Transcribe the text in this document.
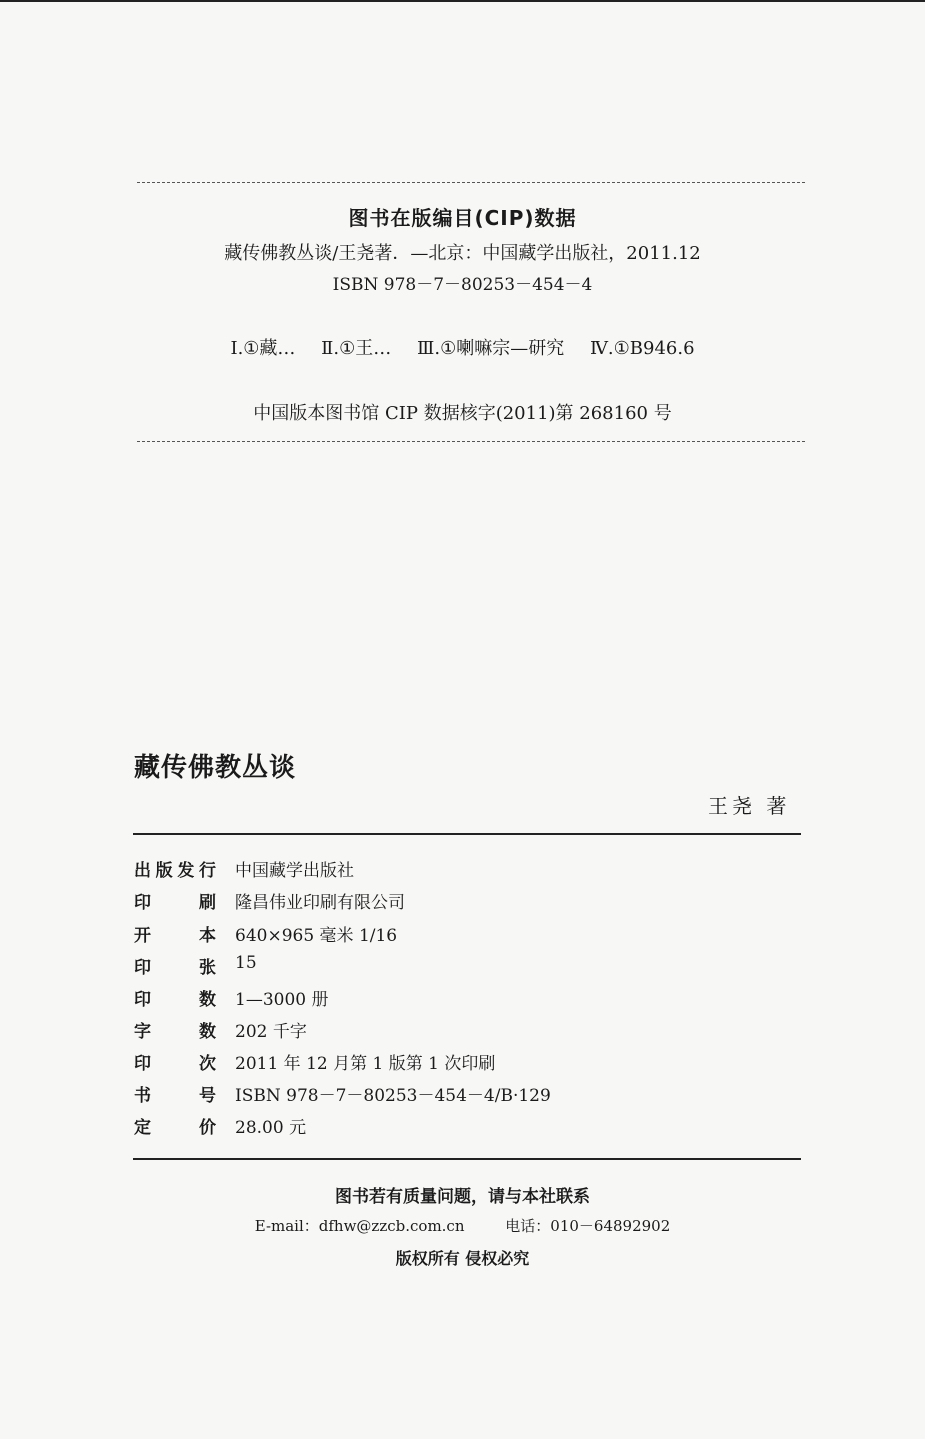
图书在版编目(CIP)数据
藏传佛教丛谈/王尧著．—北京：中国藏学出版社，2011.12
ISBN 978－7－80253－454－4
Ⅰ.①藏… Ⅱ.①王… Ⅲ.①喇嘛宗—研究 Ⅳ.①B946.6
中国版本图书馆 CIP 数据核字(2011)第 268160 号
藏传佛教丛谈
王尧 著
出 版 发 行 中国藏学出版社
印	刷 隆昌伟业印刷有限公司
开	本 640×965 毫米 1/16
印	张 15
印	数 1—3000 册
字	数 202 千字
印	次 2011 年 12 月第 1 版第 1 次印刷
书	号 ISBN 978－7－80253－454－4/B·129
定	价 28.00 元
图书若有质量问题，请与本社联系
E-mail：dfhw@zzcb.com.cn	电话：010－64892902
版权所有 侵权必究
